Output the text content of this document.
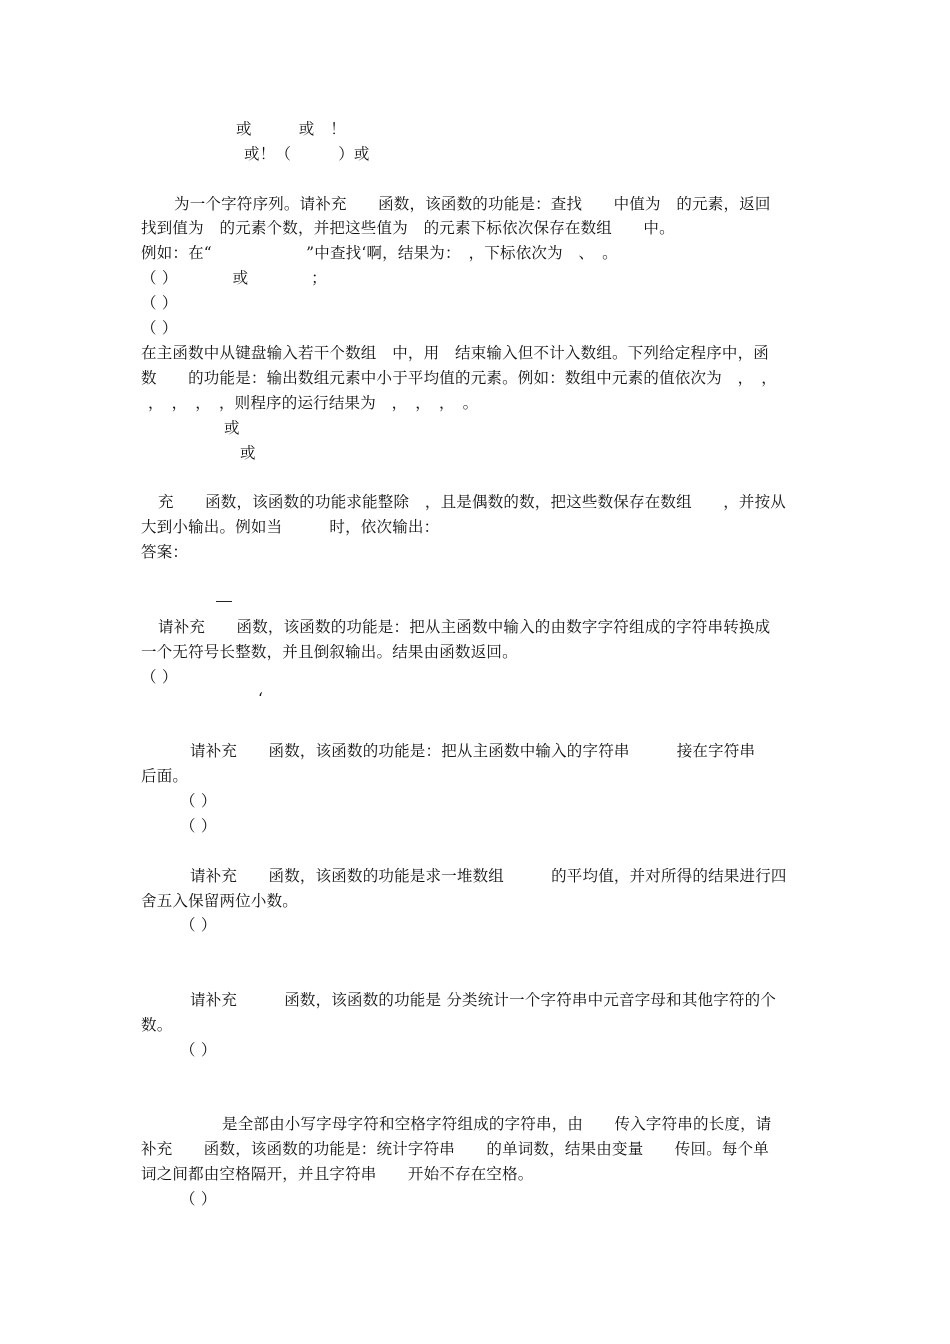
或　　　或　！
或！（　　　）或
为一个字符序列。请补充　　函数，该函数的功能是：查找　　中值为　的元素，返回
找到值为　的元素个数，并把这些值为　的元素下标依次保存在数组　　中。
例如：在“　　　　　　”中查找‘啊，结果为：　，下标依次为　、　。
（ ）　　　　或　　　　；
（ ）
（ ）
在主函数中从键盘输入若干个数组　中，用　结束输入但不计入数组。下列给定程序中，函
数　　的功能是：输出数组元素中小于平均值的元素。例如：数组中元素的值依次为　，　，
，　，　，　，则程序的运行结果为　，　，　，　。
或
或
充　　函数，该函数的功能求能整除　，且是偶数的数，把这些数保存在数组　　，并按从
大到小输出。例如当　　　时，依次输出：
答案：
请补充　　函数，该函数的功能是：把从主函数中输入的由数字字符组成的字符串转换成
一个无符号长整数，并且倒叙输出。结果由函数返回。
（ ）
‘
请补充　　函数，该函数的功能是：把从主函数中输入的字符串　　　接在字符串
后面。
（ ）
（ ）
请补充　　函数，该函数的功能是求一堆数组　　　的平均值，并对所得的结果进行四
舍五入保留两位小数。
（ ）
请补充　　　函数，该函数的功能是 分类统计一个字符串中元音字母和其他字符的个
数。
（ ）
是全部由小写字母字符和空格字符组成的字符串，由　　传入字符串的长度，请
补充　　函数，该函数的功能是：统计字符串　　的单词数，结果由变量　　传回。每个单
词之间都由空格隔开，并且字符串　　开始不存在空格。
（ ）
